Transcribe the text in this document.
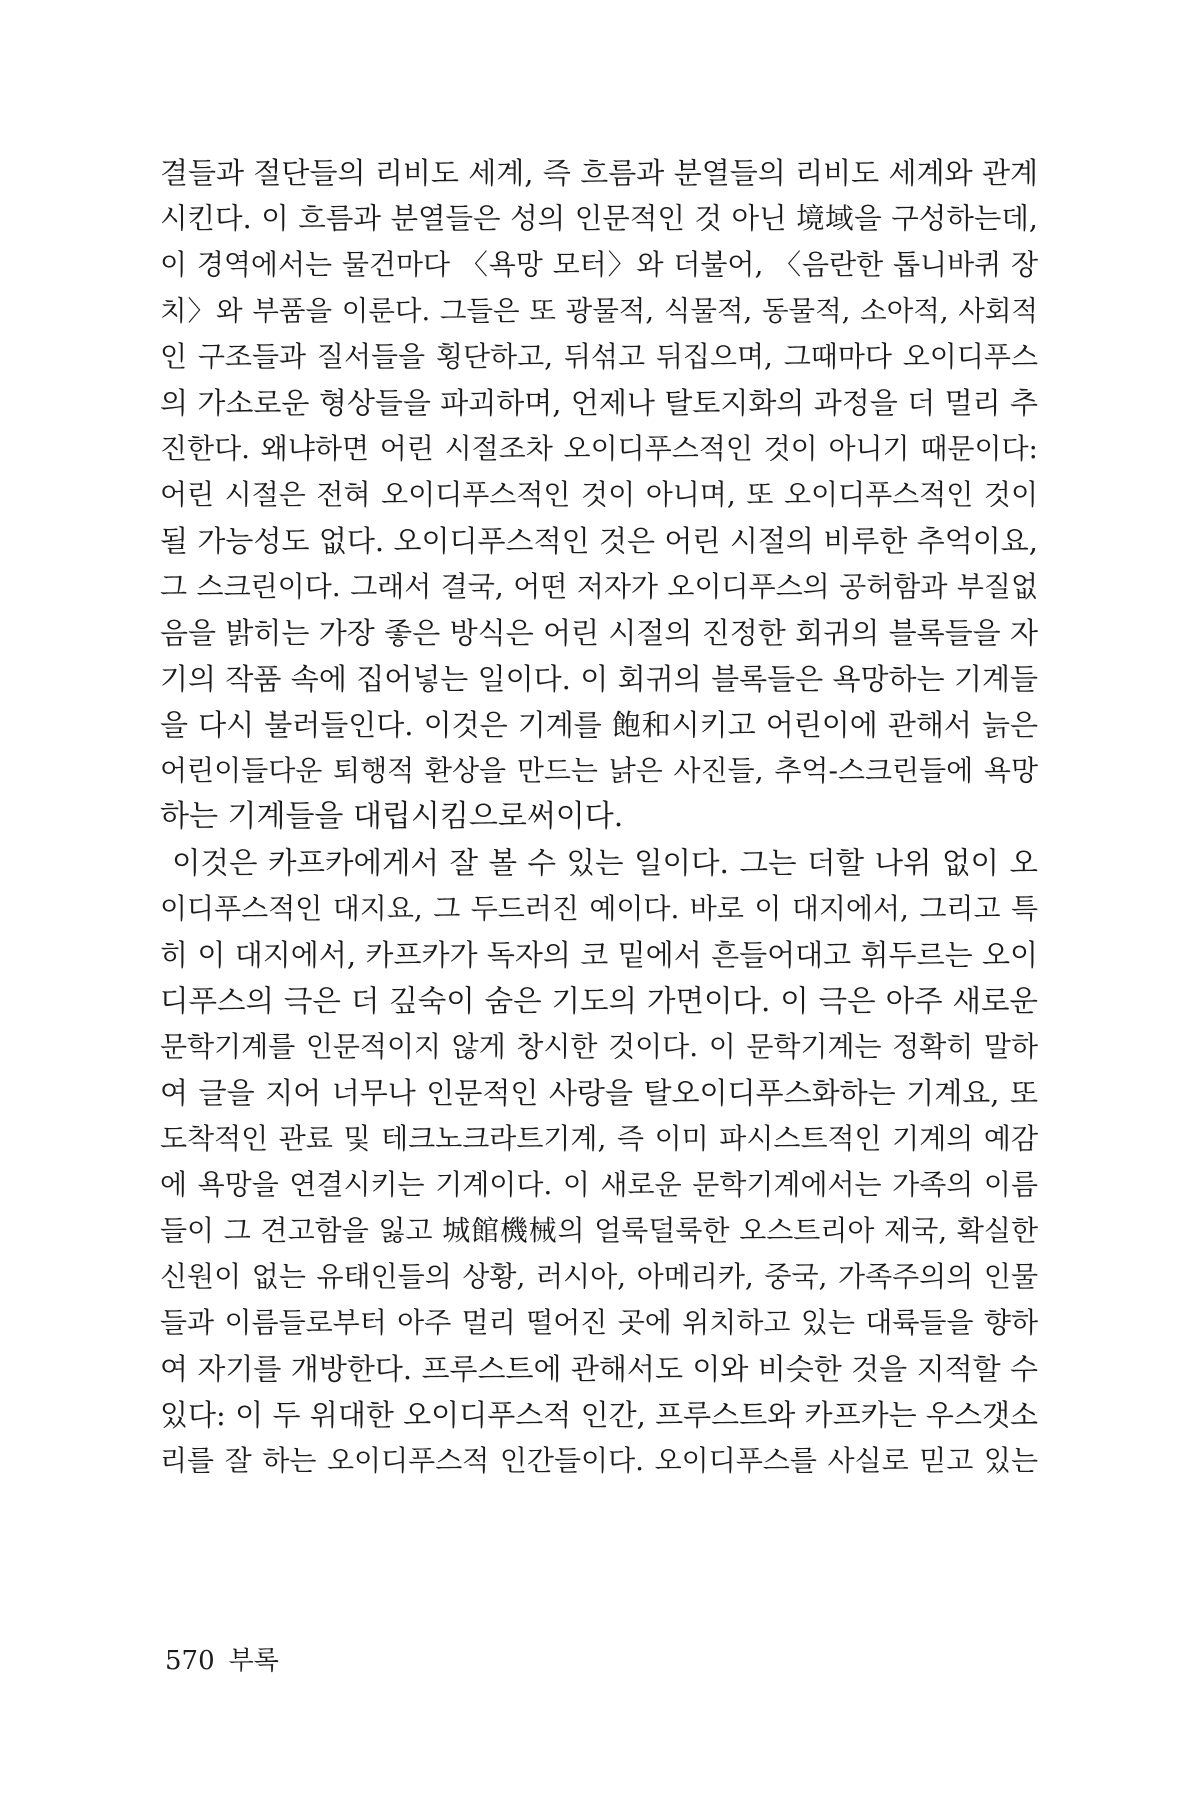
결들과 절단들의 리비도 세계, 즉 흐름과 분열들의 리비도 세계와 관계
시킨다. 이 흐름과 분열들은 성의 인문적인 것 아닌 境域을 구성하는데,
이 경역에서는 물건마다 〈욕망 모터〉와 더불어, 〈음란한 톱니바퀴 장
치〉와 부품을 이룬다. 그들은 또 광물적, 식물적, 동물적, 소아적, 사회적
인 구조들과 질서들을 횡단하고, 뒤섞고 뒤집으며, 그때마다 오이디푸스
의 가소로운 형상들을 파괴하며, 언제나 탈토지화의 과정을 더 멀리 추
진한다. 왜냐하면 어린 시절조차 오이디푸스적인 것이 아니기 때문이다:
어린 시절은 전혀 오이디푸스적인 것이 아니며, 또 오이디푸스적인 것이
될 가능성도 없다. 오이디푸스적인 것은 어린 시절의 비루한 추억이요,
그 스크린이다. 그래서 결국, 어떤 저자가 오이디푸스의 공허함과 부질없
음을 밝히는 가장 좋은 방식은 어린 시절의 진정한 회귀의 블록들을 자
기의 작품 속에 집어넣는 일이다. 이 회귀의 블록들은 욕망하는 기계들
을 다시 불러들인다. 이것은 기계를 飽和시키고 어린이에 관해서 늙은
어린이들다운 퇴행적 환상을 만드는 낡은 사진들, 추억-스크린들에 욕망
하는 기계들을 대립시킴으로써이다.
이것은 카프카에게서 잘 볼 수 있는 일이다. 그는 더할 나위 없이 오
이디푸스적인 대지요, 그 두드러진 예이다. 바로 이 대지에서, 그리고 특
히 이 대지에서, 카프카가 독자의 코 밑에서 흔들어대고 휘두르는 오이
디푸스의 극은 더 깊숙이 숨은 기도의 가면이다. 이 극은 아주 새로운
문학기계를 인문적이지 않게 창시한 것이다. 이 문학기계는 정확히 말하
여 글을 지어 너무나 인문적인 사랑을 탈오이디푸스화하는 기계요, 또
도착적인 관료 및 테크노크라트기계, 즉 이미 파시스트적인 기계의 예감
에 욕망을 연결시키는 기계이다. 이 새로운 문학기계에서는 가족의 이름
들이 그 견고함을 잃고 城館機械의 얼룩덜룩한 오스트리아 제국, 확실한
신원이 없는 유태인들의 상황, 러시아, 아메리카, 중국, 가족주의의 인물
들과 이름들로부터 아주 멀리 떨어진 곳에 위치하고 있는 대륙들을 향하
여 자기를 개방한다. 프루스트에 관해서도 이와 비슷한 것을 지적할 수
있다: 이 두 위대한 오이디푸스적 인간, 프루스트와 카프카는 우스갯소
리를 잘 하는 오이디푸스적 인간들이다. 오이디푸스를 사실로 믿고 있는
570 부록
